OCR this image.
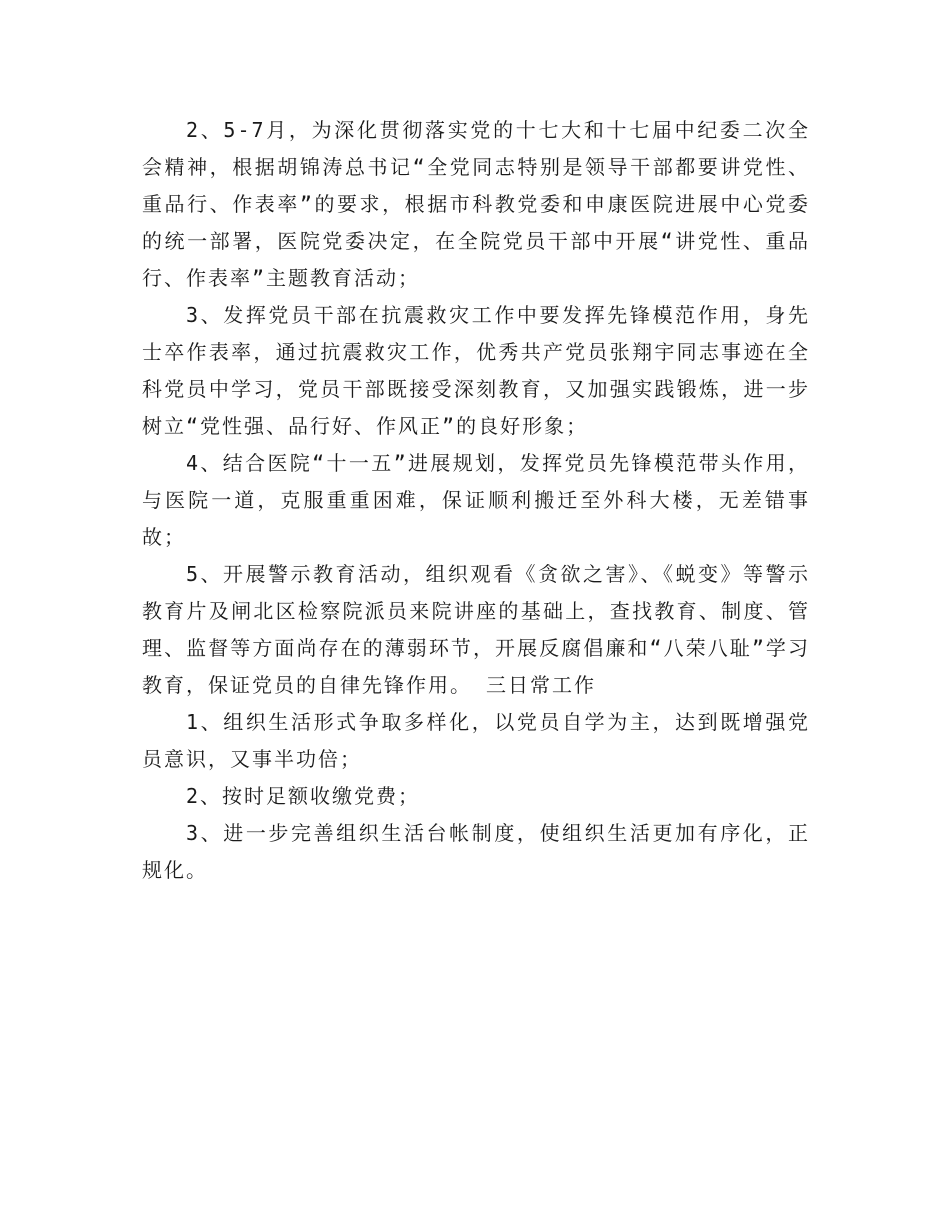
2、5-7月，为深化贯彻落实党的十七大和十七届中纪委二次全会精神，根据胡锦涛总书记“全党同志特别是领导干部都要讲党性、重品行、作表率”的要求，根据市科教党委和申康医院进展中心党委的统一部署，医院党委决定，在全院党员干部中开展“讲党性、重品行、作表率”主题教育活动；

3、发挥党员干部在抗震救灾工作中要发挥先锋模范作用，身先士卒作表率，通过抗震救灾工作，优秀共产党员张翔宇同志事迹在全科党员中学习，党员干部既接受深刻教育，又加强实践锻炼，进一步树立“党性强、品行好、作风正”的良好形象；

4、结合医院“十一五”进展规划，发挥党员先锋模范带头作用，与医院一道，克服重重困难，保证顺利搬迁至外科大楼，无差错事故；

5、开展警示教育活动，组织观看《贪欲之害》、《蜕变》等警示教育片及闸北区检察院派员来院讲座的基础上，查找教育、制度、管理、监督等方面尚存在的薄弱环节，开展反腐倡廉和“八荣八耻”学习教育，保证党员的自律先锋作用。 三日常工作

1、组织生活形式争取多样化，以党员自学为主，达到既增强党员意识，又事半功倍；

2、按时足额收缴党费；

3、进一步完善组织生活台帐制度，使组织生活更加有序化，正规化。
